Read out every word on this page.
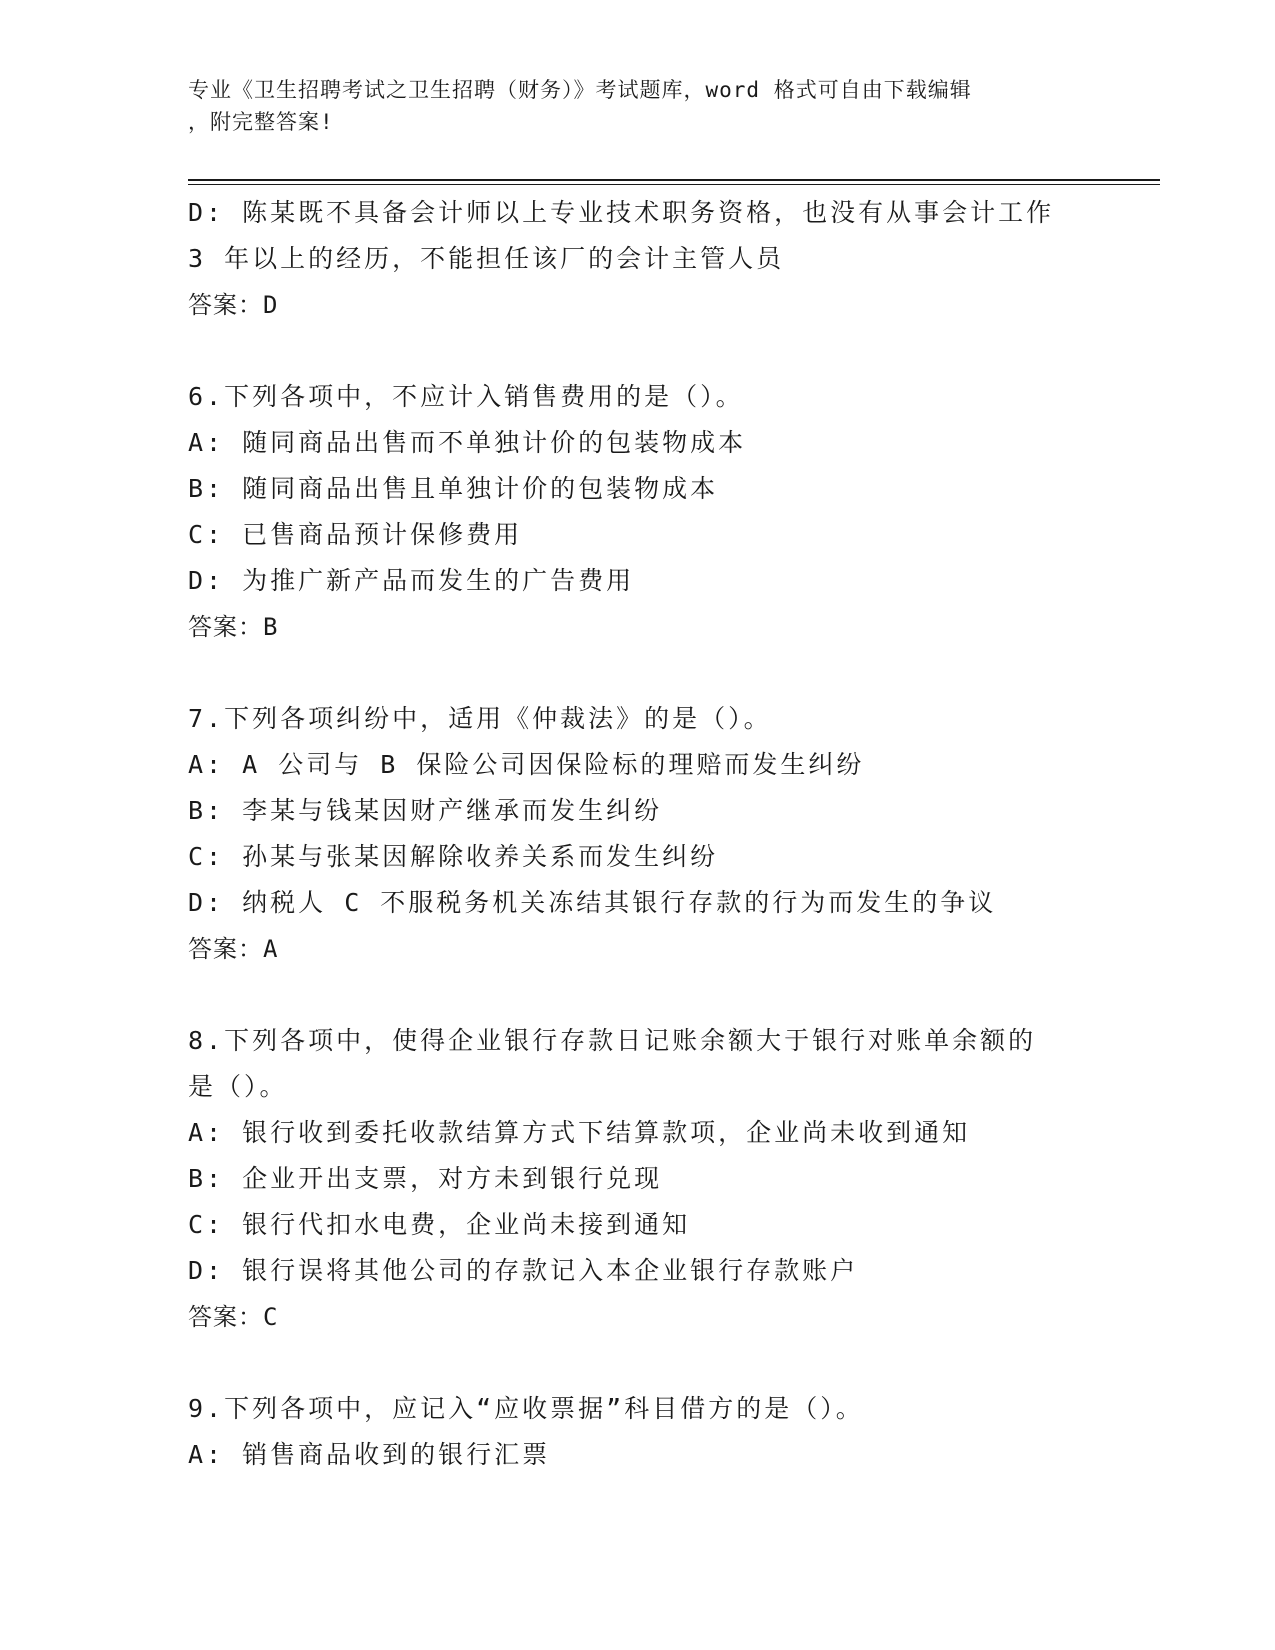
专业《卫生招聘考试之卫生招聘（财务）》考试题库，word 格式可自由下载编辑
，附完整答案!
D: 陈某既不具备会计师以上专业技术职务资格，也没有从事会计工作
3 年以上的经历，不能担任该厂的会计主管人员
答案：D
6.下列各项中，不应计入销售费用的是（）。
A: 随同商品出售而不单独计价的包装物成本
B: 随同商品出售且单独计价的包装物成本
C: 已售商品预计保修费用
D: 为推广新产品而发生的广告费用
答案：B
7.下列各项纠纷中，适用《仲裁法》的是（）。
A: A 公司与 B 保险公司因保险标的理赔而发生纠纷
B: 李某与钱某因财产继承而发生纠纷
C: 孙某与张某因解除收养关系而发生纠纷
D: 纳税人 C 不服税务机关冻结其银行存款的行为而发生的争议
答案：A
8.下列各项中，使得企业银行存款日记账余额大于银行对账单余额的
是（）。
A: 银行收到委托收款结算方式下结算款项，企业尚未收到通知
B: 企业开出支票，对方未到银行兑现
C: 银行代扣水电费，企业尚未接到通知
D: 银行误将其他公司的存款记入本企业银行存款账户
答案：C
9.下列各项中，应记入“应收票据”科目借方的是（）。
A: 销售商品收到的银行汇票
